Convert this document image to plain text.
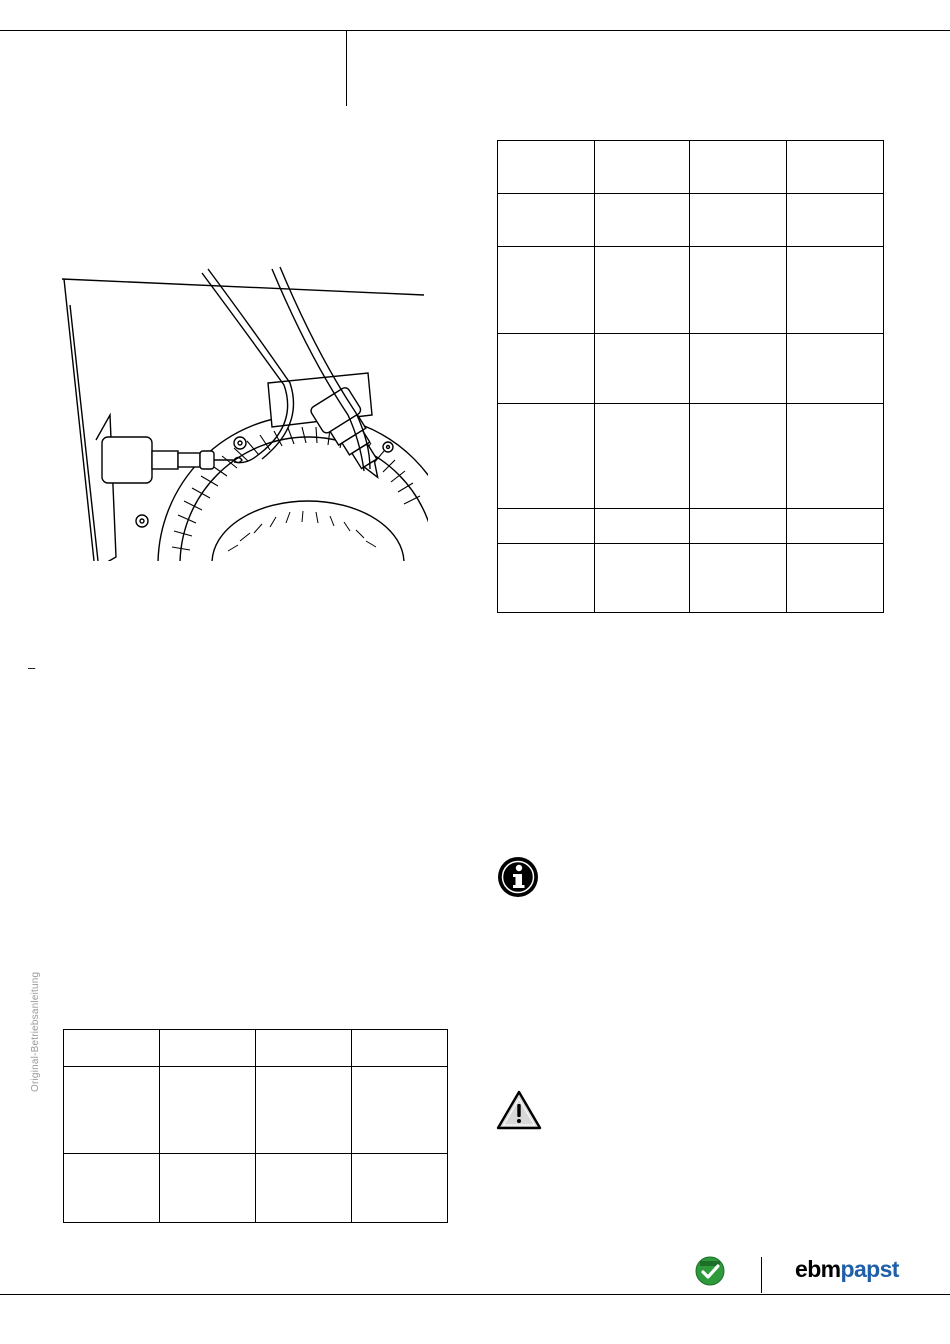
–

Original-Betriebsanleitung

ebmpapst
